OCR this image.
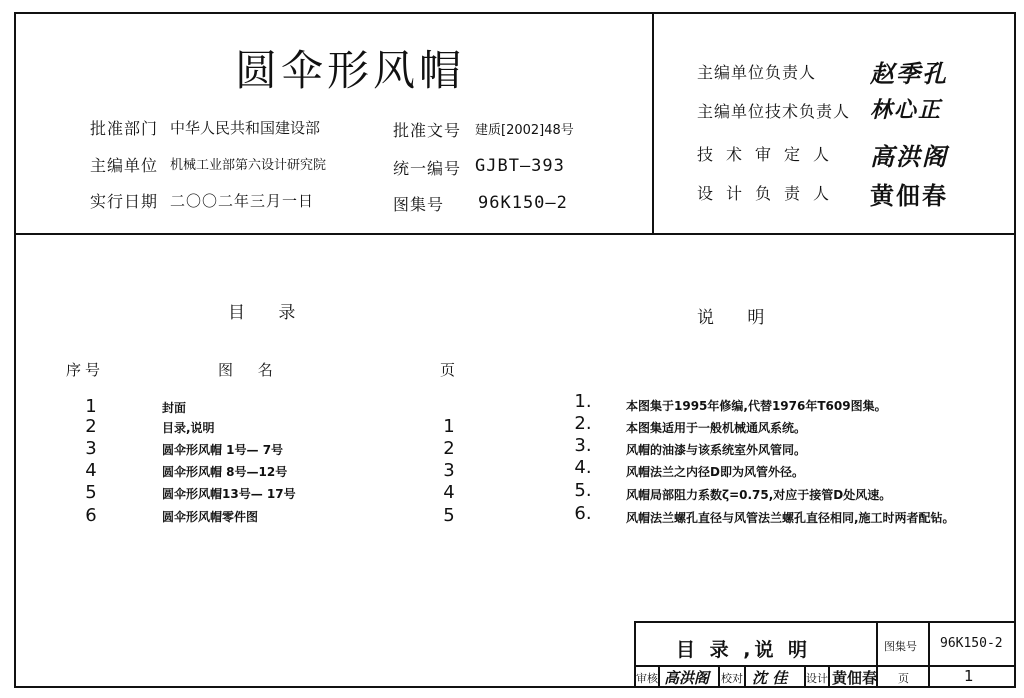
圆伞形风帽
批准部门 中华人民共和国建设部
主编单位 机械工业部第六设计研究院
实行日期 二〇〇二年三月一日
批准文号 建质[2002]48号
统一编号 GJBT—393
图集号 96K150—2
主编单位负责人 赵季孔
主编单位技术负责人 林心正
技术审定人 高洪阁
设计负责人 黄佃春
目 录
序号	图 名	页
1	封面
2	目录,说明	1
3	圆伞形风帽 1号— 7号	2
4	圆伞形风帽 8号—12号	3
5	圆伞形风帽13号— 17号	4
6	圆伞形风帽零件图	5
说 明
1.	本图集于1995年修编,代替1976年T609图集。
2.	本图集适用于一般机械通风系统。
3.	风帽的油漆与该系统室外风管同。
4.	风帽法兰之内径D即为风管外径。
5.	风帽局部阻力系数ζ=0.75,对应于接管D处风速。
6.	风帽法兰螺孔直径与风管法兰螺孔直径相同,施工时两者配钻。
目 录 ,说 明	图集号 96K150-2
审核 高洪阁 校对 沈 佳 设计 黄佃春 页	1
